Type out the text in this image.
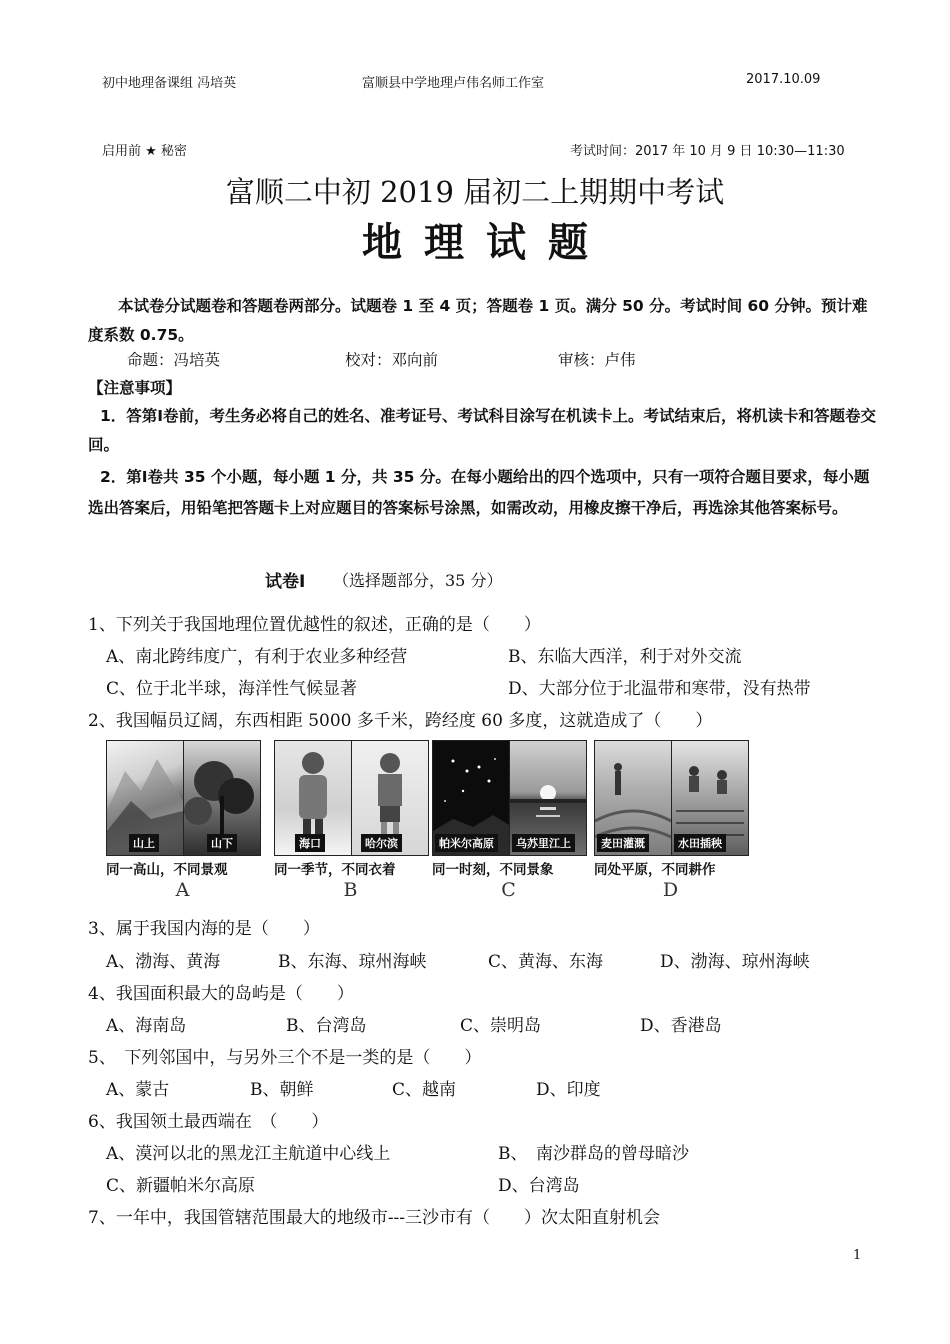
初中地理备课组 冯培英	富顺县中学地理卢伟名师工作室	2017.10.09
启用前 ★ 秘密	考试时间：2017 年 10 月 9 日 10:30—11:30
富顺二中初 2019 届初二上期期中考试
地理试题
本试卷分试题卷和答题卷两部分。试题卷 1 至 4 页；答题卷 1 页。满分 50 分。考试时间 60 分钟。预计难度系数 0.75。
命题：冯培英	校对：邓向前	审核：卢伟
【注意事项】
1．答第Ⅰ卷前，考生务必将自己的姓名、准考证号、考试科目涂写在机读卡上。考试结束后，将机读卡和答题卷交回。
2．第Ⅰ卷共 35 个小题，每小题 1 分，共 35 分。在每小题给出的四个选项中，只有一项符合题目要求，每小题选出答案后，用铅笔把答题卡上对应题目的答案标号涂黑，如需改动，用橡皮擦干净后，再选涂其他答案标号。
试卷Ⅰ （选择题部分，35 分）
1、下列关于我国地理位置优越性的叙述，正确的是（　　）
A、南北跨纬度广，有利于农业多种经营	B、东临大西洋，利于对外交流
C、位于北半球，海洋性气候显著	D、大部分位于北温带和寒带，没有热带
2、我国幅员辽阔，东西相距 5000 多千米，跨经度 60 多度，这就造成了（　　）
山上	山下
同一高山，不同景观
A
海口	哈尔滨
同一季节，不同衣着
B
帕米尔高原	乌苏里江上
同一时刻，不同景象
C
麦田灌溉	水田插秧
同处平原，不同耕作
D
3、属于我国内海的是（　　）
A、渤海、黄海	B、东海、琼州海峡	C、黄海、东海	D、渤海、琼州海峡
4、我国面积最大的岛屿是（　　）
A、海南岛	B、台湾岛	C、崇明岛	D、香港岛
5、　下列邻国中，与另外三个不是一类的是（　　）
A、蒙古	B、朝鲜	C、越南	D、印度
6、我国领土最西端在　（　　）
A、漠河以北的黑龙江主航道中心线上	B、　南沙群岛的曾母暗沙
C、新疆帕米尔高原	D、台湾岛
7、一年中，我国管辖范围最大的地级市---三沙市有（　　）次太阳直射机会
1
